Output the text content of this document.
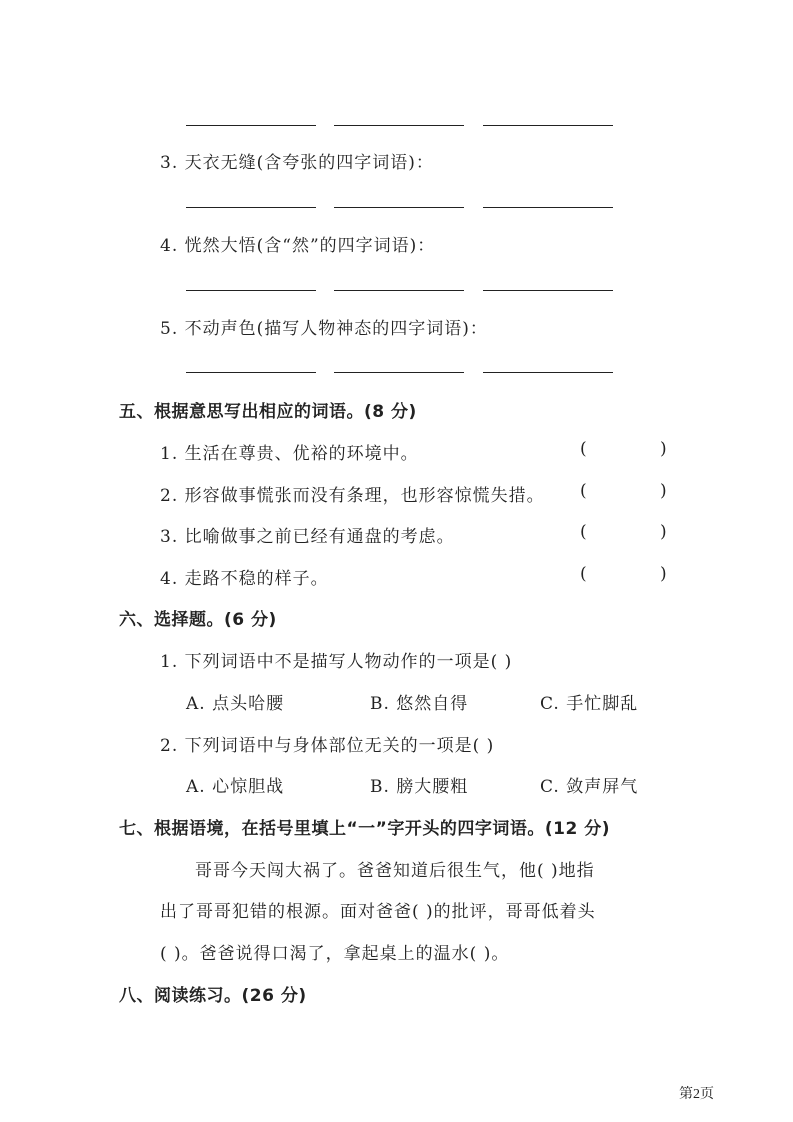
3. 天衣无缝(含夸张的四字词语)：
4. 恍然大悟(含“然”的四字词语)：
5. 不动声色(描写人物神态的四字词语)：
五、根据意思写出相应的词语。(8 分)
1. 生活在尊贵、优裕的环境中。	(	)
2. 形容做事慌张而没有条理，也形容惊慌失措。 (	)
3. 比喻做事之前已经有通盘的考虑。	(	)
4. 走路不稳的样子。	(	)
六、选择题。(6 分)
1. 下列词语中不是描写人物动作的一项是( )
A. 点头哈腰	B. 悠然自得	C. 手忙脚乱
2. 下列词语中与身体部位无关的一项是( )
A. 心惊胆战	B. 膀大腰粗	C. 敛声屏气
七、根据语境，在括号里填上“一”字开头的四字词语。(12 分)
哥哥今天闯大祸了。爸爸知道后很生气，他( )地指
出了哥哥犯错的根源。面对爸爸( )的批评，哥哥低着头
( )。爸爸说得口渴了，拿起桌上的温水( )。
八、阅读练习。(26 分)
第2页
